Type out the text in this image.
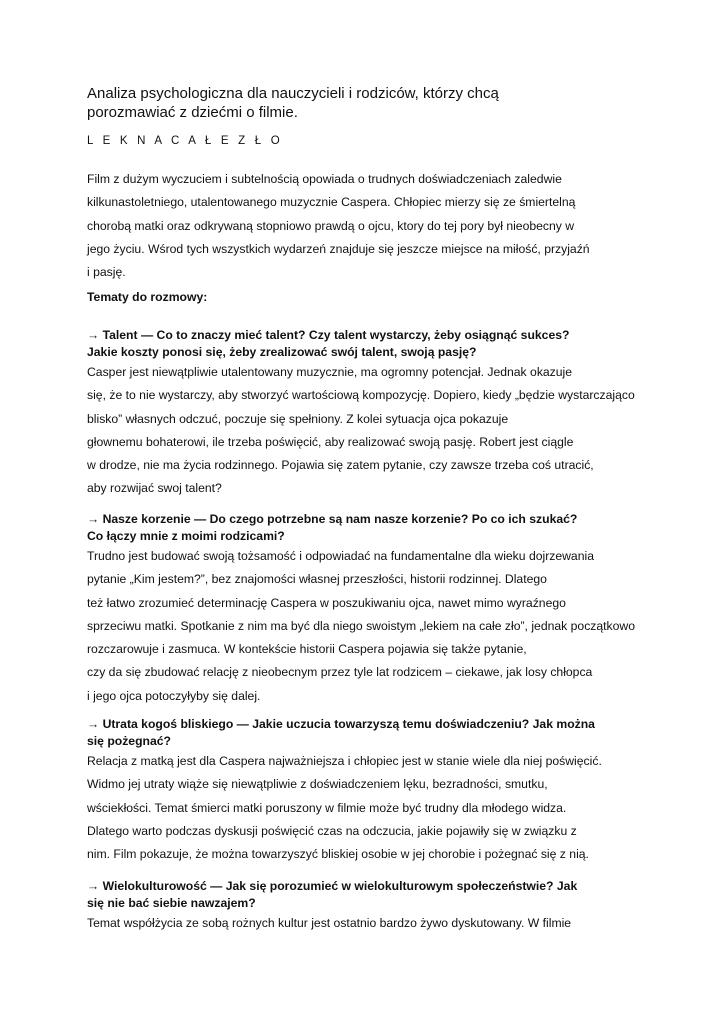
Analiza psychologiczna dla nauczycieli i rodziców, którzy chcą porozmawiać z dziećmi o filmie.
L E K N A C A Ł E Z Ł O

Film z dużym wyczuciem i subtelnością opowiada o trudnych doświadczeniach zaledwie
kilkunastoletniego, utalentowanego muzycznie Caspera. Chłopiec mierzy się ze śmiertelną
chorobą matki oraz odkrywaną stopniowo prawdą o ojcu, ktory do tej pory był nieobecny w
jego życiu. Wśrod tych wszystkich wydarzeń znajduje się jeszcze miejsce na miłość, przyjaźń
i pasję.

Tematy do rozmowy:

→ Talent — Co to znaczy mieć talent? Czy talent wystarczy, żeby osiągnąć sukces?
Jakie koszty ponosi się, żeby zrealizować swój talent, swoją pasję?

Casper jest niewątpliwie utalentowany muzycznie, ma ogromny potencjał. Jednak okazuje
się, że to nie wystarczy, aby stworzyć wartościową kompozycję. Dopiero, kiedy „będzie wystarczająco
blisko” własnych odczuć, poczuje się spełniony. Z kolei sytuacja ojca pokazuje
głownemu bohaterowi, ile trzeba poświęcić, aby realizować swoją pasję. Robert jest ciągle
w drodze, nie ma życia rodzinnego. Pojawia się zatem pytanie, czy zawsze trzeba coś utracić,
aby rozwijać swoj talent?

→ Nasze korzenie — Do czego potrzebne są nam nasze korzenie? Po co ich szukać?
Co łączy mnie z moimi rodzicami?

Trudno jest budować swoją tożsamość i odpowiadać na fundamentalne dla wieku dojrzewania
pytanie „Kim jestem?”, bez znajomości własnej przeszłości, historii rodzinnej. Dlatego
też łatwo zrozumieć determinację Caspera w poszukiwaniu ojca, nawet mimo wyraźnego
sprzeciwu matki. Spotkanie z nim ma być dla niego swoistym „lekiem na całe zło”, jednak początkowo
rozczarowuje i zasmuca. W kontekście historii Caspera pojawia się także pytanie,
czy da się zbudować relację z nieobecnym przez tyle lat rodzicem – ciekawe, jak losy chłopca
i jego ojca potoczyłyby się dalej.

→ Utrata kogoś bliskiego — Jakie uczucia towarzyszą temu doświadczeniu? Jak można
się pożegnać?

Relacja z matką jest dla Caspera najważniejsza i chłopiec jest w stanie wiele dla niej poświęcić.
Widmo jej utraty wiąże się niewątpliwie z doświadczeniem lęku, bezradności, smutku,
wściekłości. Temat śmierci matki poruszony w filmie może być trudny dla młodego widza.
Dlatego warto podczas dyskusji poświęcić czas na odczucia, jakie pojawiły się w związku z
nim. Film pokazuje, że można towarzyszyć bliskiej osobie w jej chorobie i pożegnać się z nią.

→ Wielokulturowość — Jak się porozumieć w wielokulturowym społeczeństwie? Jak
się nie bać siebie nawzajem?

Temat współżycia ze sobą rożnych kultur jest ostatnio bardzo żywo dyskutowany. W filmie
